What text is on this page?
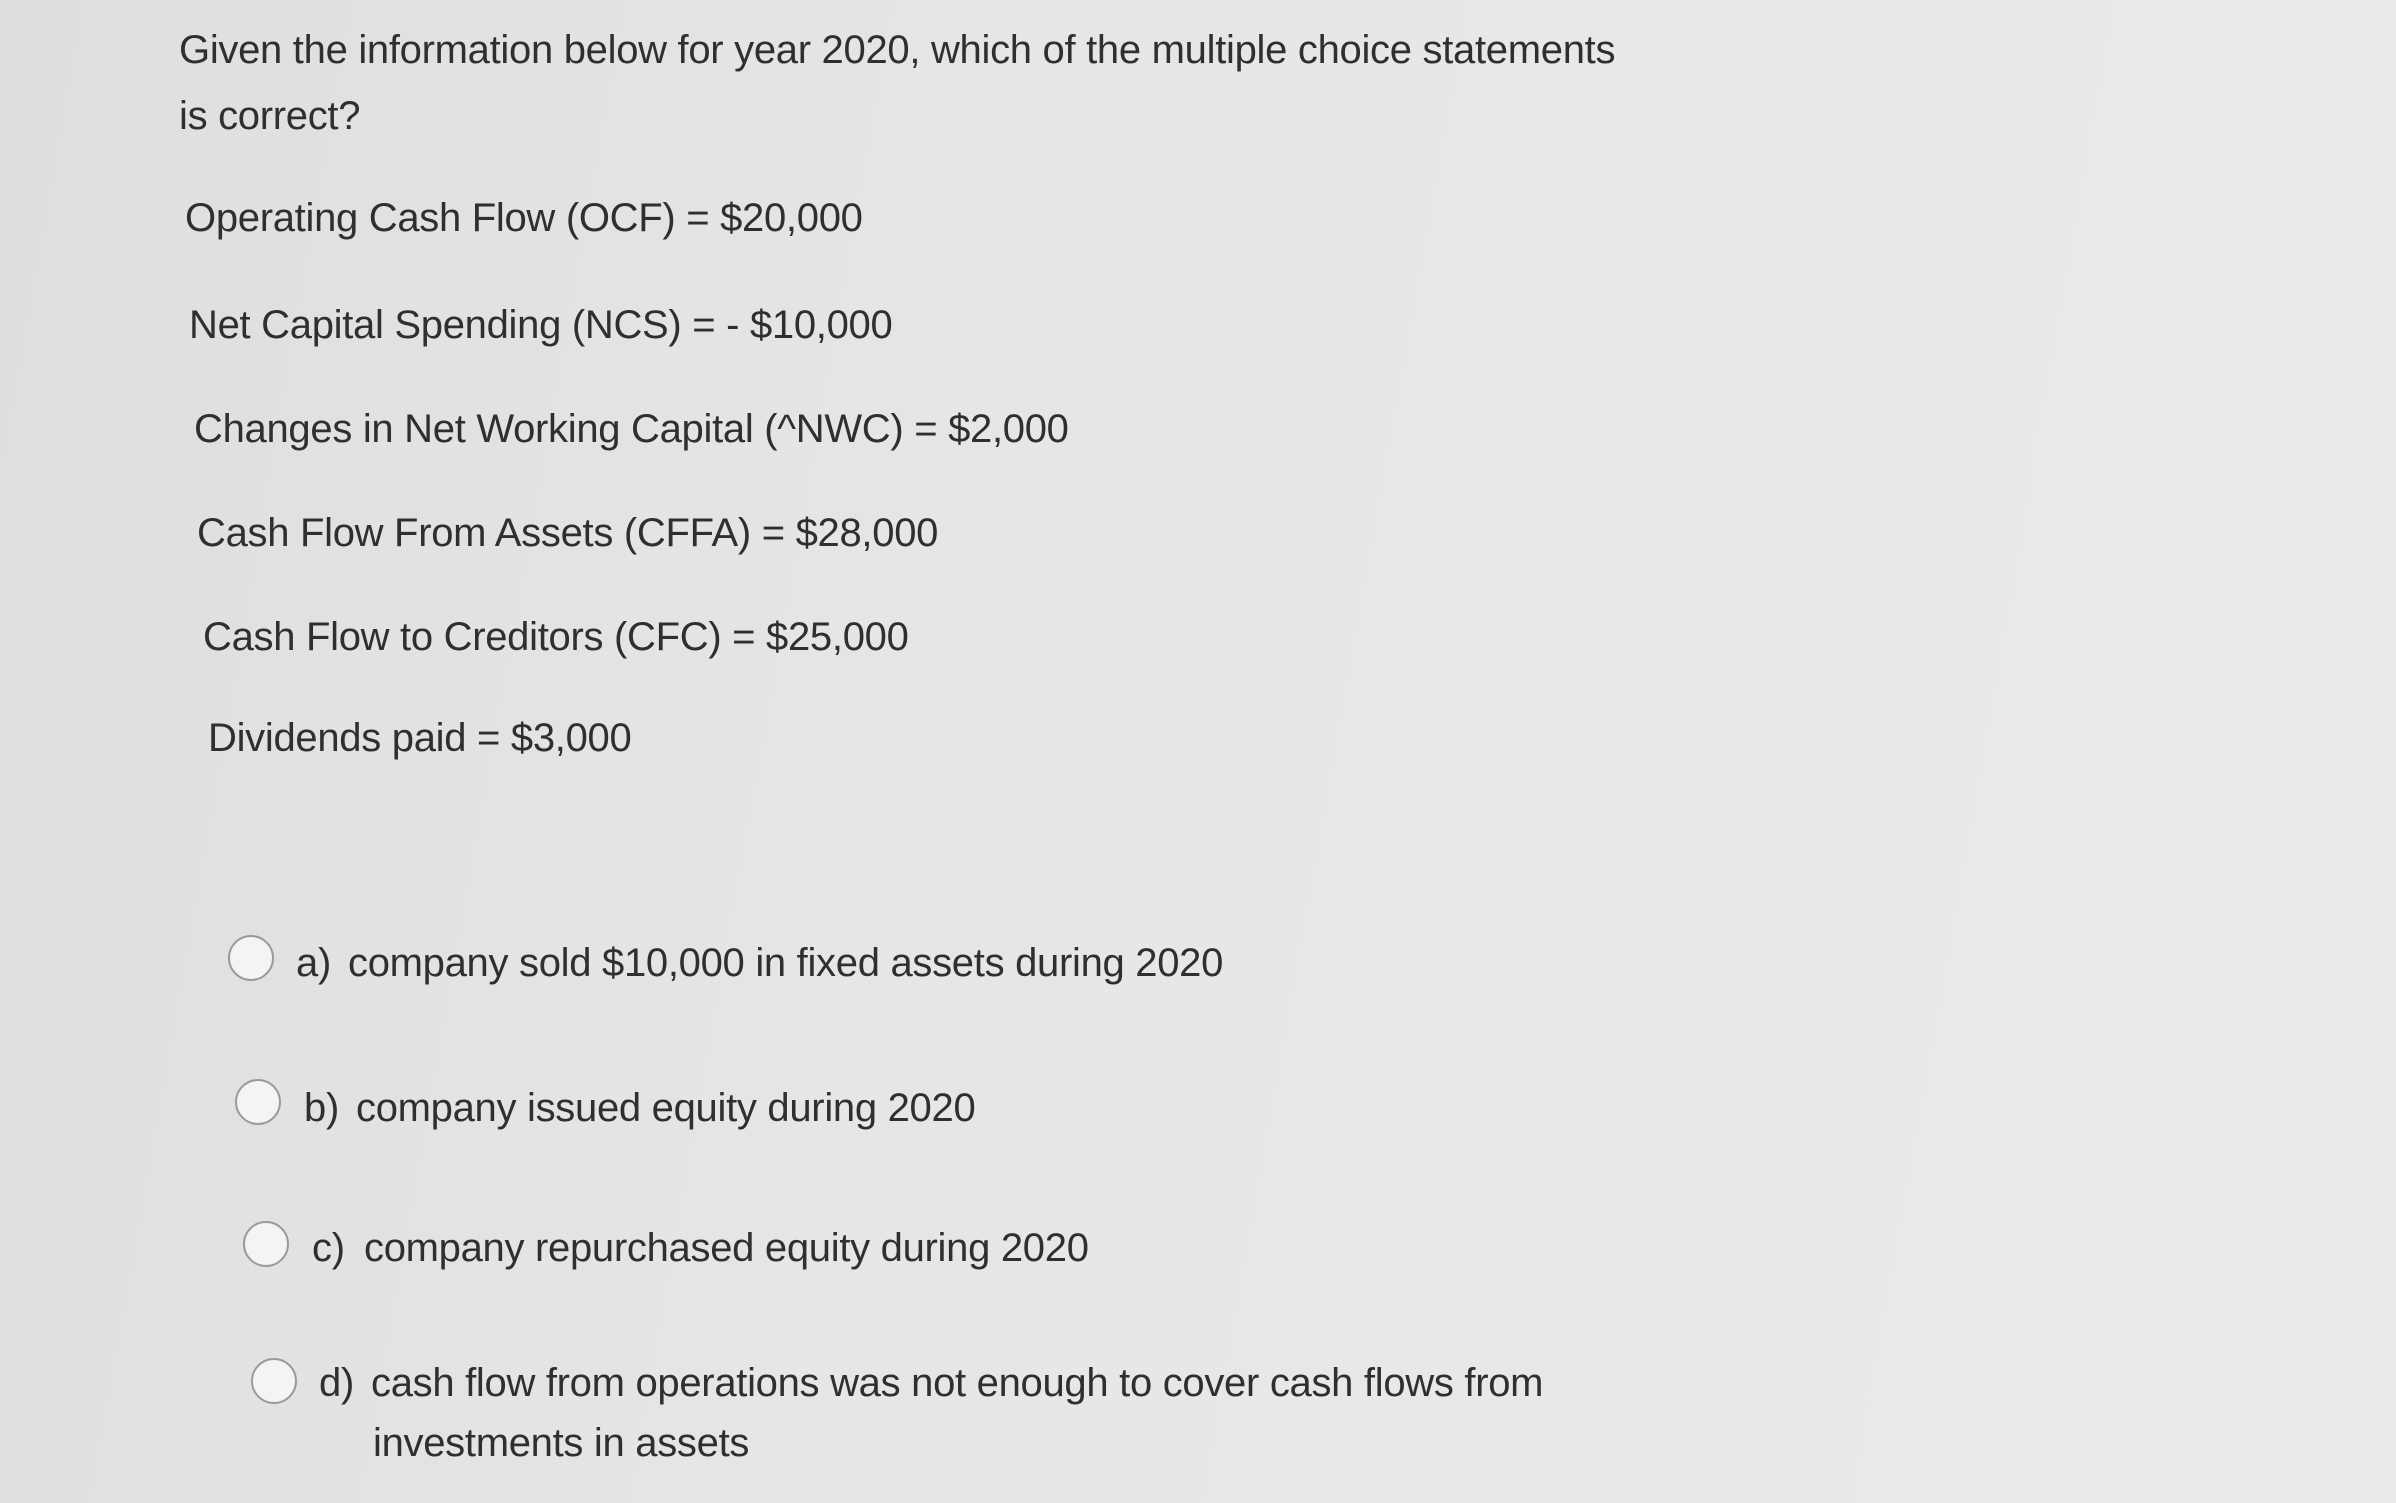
Given the information below for year 2020, which of the multiple choice statements
is correct?
Operating Cash Flow (OCF) = $20,000
Net Capital Spending (NCS) = - $10,000
Changes in Net Working Capital (^NWC) = $2,000
Cash Flow From Assets (CFFA) = $28,000
Cash Flow to Creditors (CFC) = $25,000
Dividends paid = $3,000
a) company sold $10,000 in fixed assets during 2020
b) company issued equity during 2020
c) company repurchased equity during 2020
d) cash flow from operations was not enough to cover cash flows from
investments in assets
